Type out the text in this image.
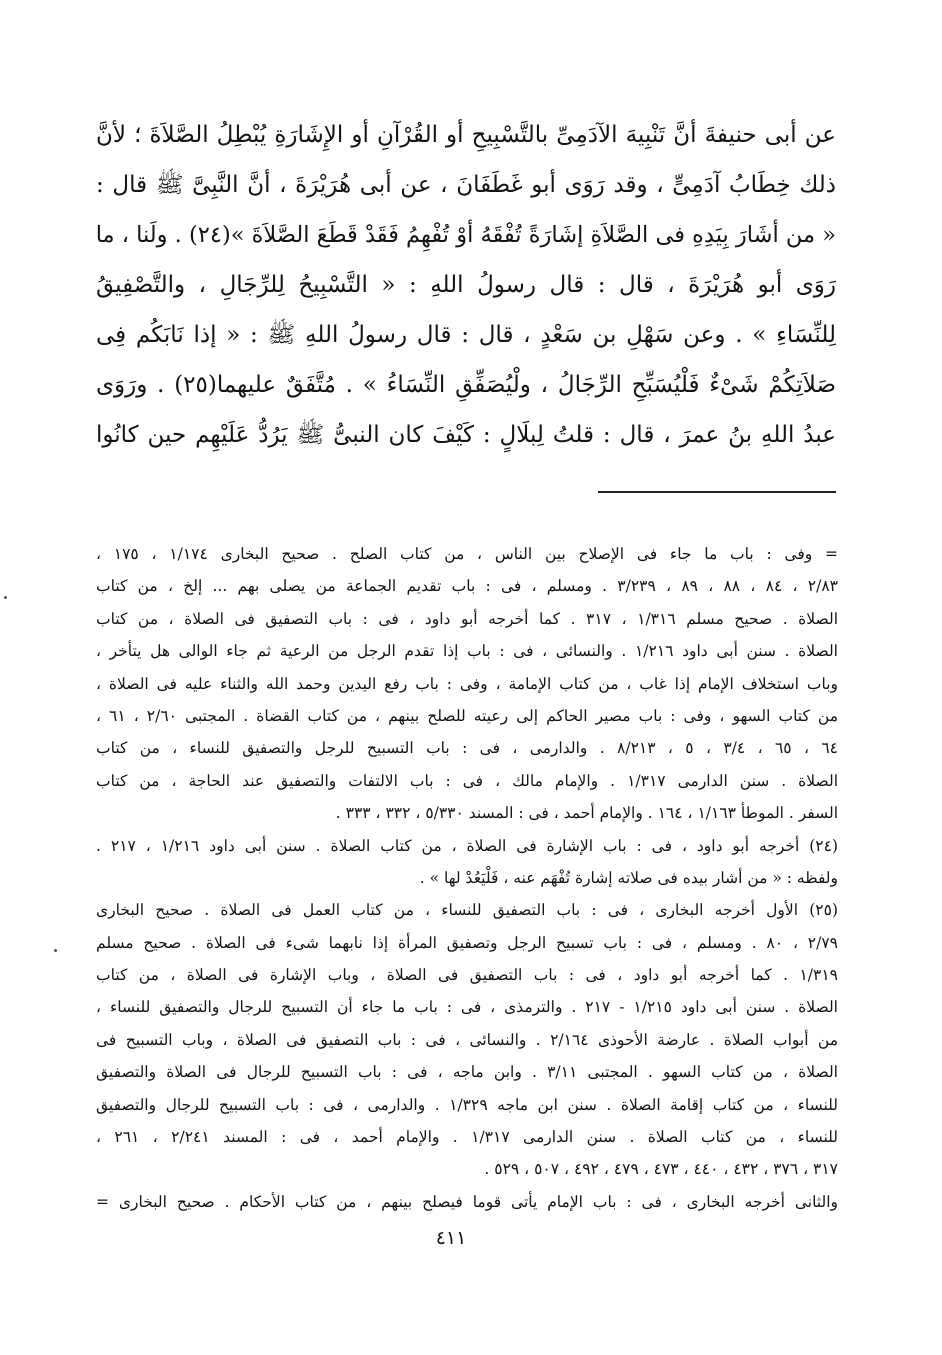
عن أبى حنيفةَ أنَّ تَنْبِيهَ الآدَمِىِّ بالتَّسْبِيحِ أو القُرْآنِ أو الإِشَارَةِ يُبْطِلُ الصَّلاَةَ ؛ لأنَّ
ذلك خِطَابُ آدَمِىٍّ ، وقد رَوَى أبو غَطَفَانَ ، عن أبى هُرَيْرَةَ ، أنَّ النَّبِىَّ ﷺ قال :
« من أشَارَ بِيَدِهِ فى الصَّلاَةِ إشَارَةً تُفْقَهُ أوْ تُفْهِمُ فَقَدْ قَطَعَ الصَّلاَةَ »(٢٤) . ولَنا ، ما
رَوَى أبو هُرَيْرَةَ ، قال : قال رسولُ اللهِ : « التَّسْبِيحُ لِلرِّجَالِ ، والتَّصْفِيقُ
لِلنِّسَاءِ » . وعن سَهْلِ بن سَعْدٍ ، قال : قال رسولُ اللهِ ﷺ : « إذا نَابَكُم فِى
صَلاَتِكُمْ شَىْءٌ فَلْيُسَبِّحِ الرِّجَالُ ، ولْيُصَفِّقِ النِّسَاءُ » . مُتَّفَقٌ عليهما(٢٥) . ورَوَى
عبدُ اللهِ بنُ عمرَ ، قال : قلتُ لِبلَالٍ : كَيْفَ كان النبىُّ ﷺ يَرُدُّ عَلَيْهِم حين كانُوا
= وفى : باب ما جاء فى الإصلاح بين الناس ، من كتاب الصلح . صحيح البخارى ١/١٧٤ ، ١٧٥ ،
٢/٨٣ ، ٨٤ ، ٨٨ ، ٨٩ ، ٣/٢٣٩ . ومسلم ، فى : باب تقديم الجماعة من يصلى بهم ... إلخ ، من كتاب
الصلاة . صحيح مسلم ١/٣١٦ ، ٣١٧ . كما أخرجه أبو داود ، فى : باب التصفيق فى الصلاة ، من كتاب
الصلاة . سنن أبى داود ١/٢١٦ . والنسائى ، فى : باب إذا تقدم الرجل من الرعية ثم جاء الوالى هل يتأخر ،
وباب استخلاف الإمام إذا غاب ، من كتاب الإمامة ، وفى : باب رفع اليدين وحمد الله والثناء عليه فى الصلاة ،
من كتاب السهو ، وفى : باب مصير الحاكم إلى رعيته للصلح بينهم ، من كتاب القضاة . المجتبى ٢/٦٠ ، ٦١ ،
٦٤ ، ٦٥ ، ٣/٤ ، ٥ ، ٨/٢١٣ . والدارمى ، فى : باب التسبيح للرجل والتصفيق للنساء ، من كتاب
الصلاة . سنن الدارمى ١/٣١٧ . والإمام مالك ، فى : باب الالتفات والتصفيق عند الحاجة ، من كتاب
السفر . الموطأ ١/١٦٣ ، ١٦٤ . والإمام أحمد ، فى : المسند ٥/٣٣٠ ، ٣٣٢ ، ٣٣٣ .
(٢٤) أخرجه أبو داود ، فى : باب الإشارة فى الصلاة ، من كتاب الصلاة . سنن أبى داود ١/٢١٦ ، ٢١٧ .
ولفظه : « من أشار بيده فى صلاته إشارة تُفْهَم عنه ، فَلْيَعُدْ لها » .
(٢٥) الأول أخرجه البخارى ، فى : باب التصفيق للنساء ، من كتاب العمل فى الصلاة . صحيح البخارى
٢/٧٩ ، ٨٠ . ومسلم ، فى : باب تسبيح الرجل وتصفيق المرأة إذا نابهما شىء فى الصلاة . صحيح مسلم
١/٣١٩ . كما أخرجه أبو داود ، فى : باب التصفيق فى الصلاة ، وباب الإشارة فى الصلاة ، من كتاب
الصلاة . سنن أبى داود ١/٢١٥ - ٢١٧ . والترمذى ، فى : باب ما جاء أن التسبيح للرجال والتصفيق للنساء ،
من أبواب الصلاة . عارضة الأحوذى ٢/١٦٤ . والنسائى ، فى : باب التصفيق فى الصلاة ، وباب التسبيح فى
الصلاة ، من كتاب السهو . المجتبى ٣/١١ . وابن ماجه ، فى : باب التسبيح للرجال فى الصلاة والتصفيق
للنساء ، من كتاب إقامة الصلاة . سنن ابن ماجه ١/٣٢٩ . والدارمى ، فى : باب التسبيح للرجال والتصفيق
للنساء ، من كتاب الصلاة . سنن الدارمى ١/٣١٧ . والإمام أحمد ، فى : المسند ٢/٢٤١ ، ٢٦١ ،
٣١٧ ، ٣٧٦ ، ٤٣٢ ، ٤٤٠ ، ٤٧٣ ، ٤٧٩ ، ٤٩٢ ، ٥٠٧ ، ٥٢٩ .
والثانى أخرجه البخارى ، فى : باب الإمام يأتى قوما فيصلح بينهم ، من كتاب الأحكام . صحيح البخارى =
٤١١
